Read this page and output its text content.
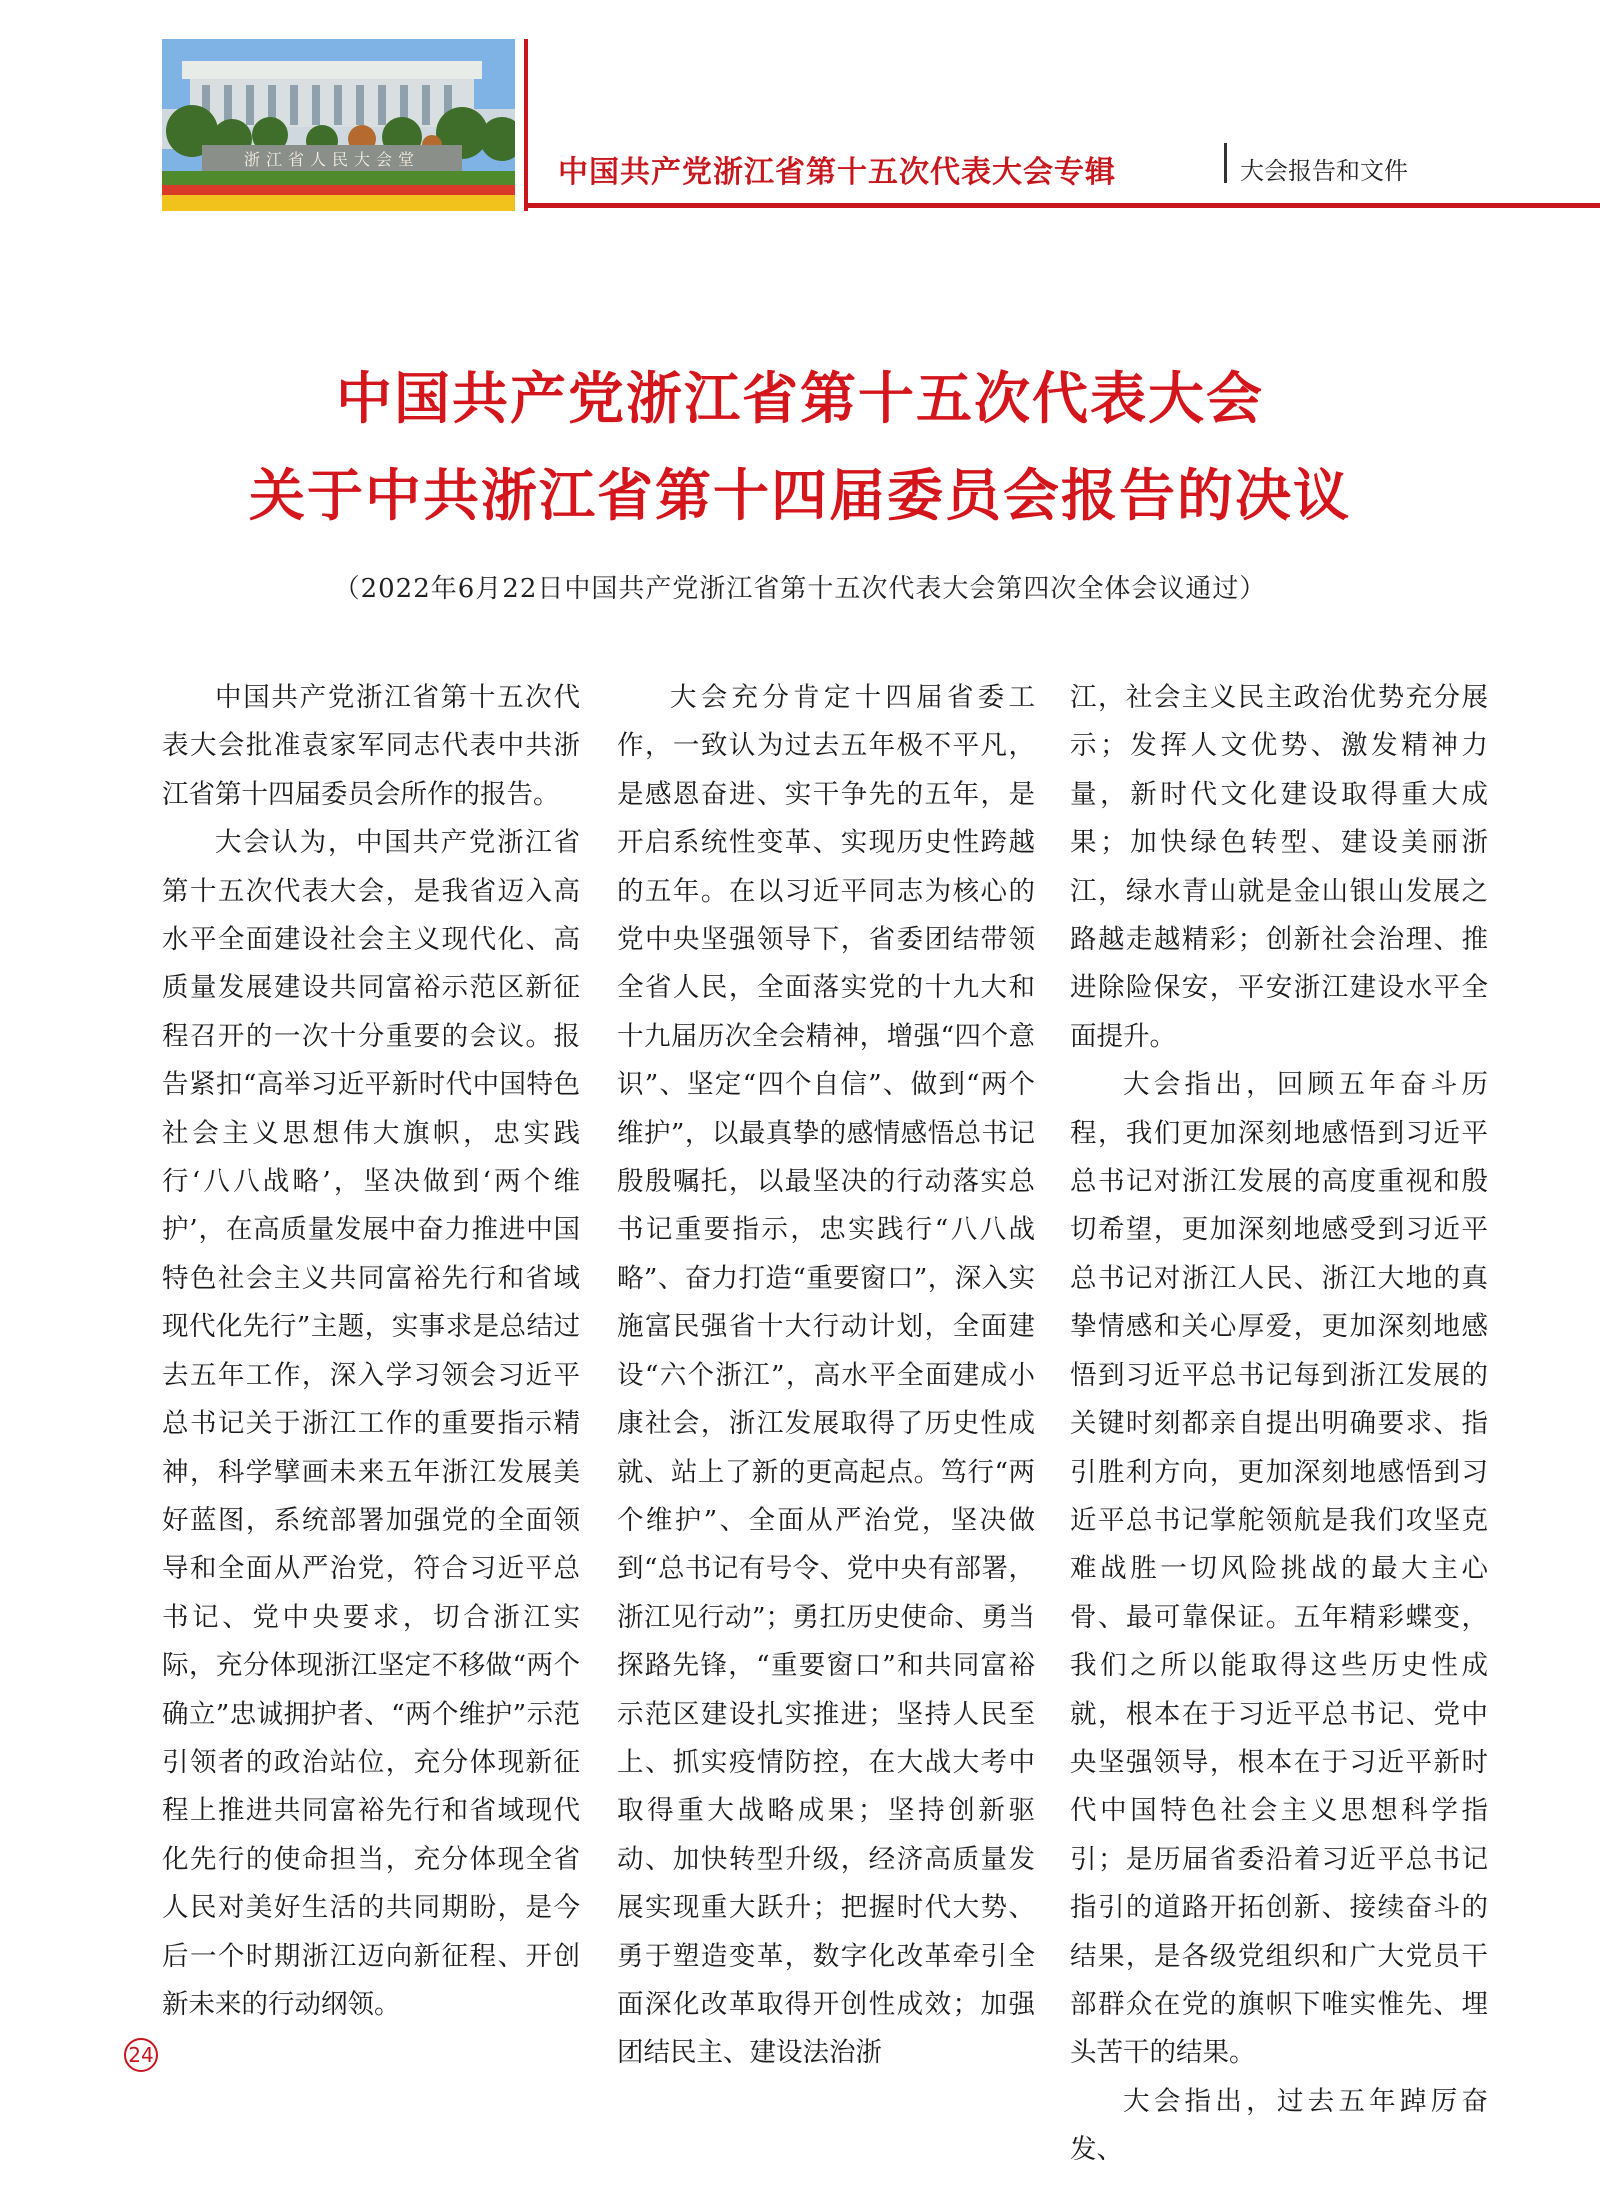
浙江省人民大会堂	中国共产党浙江省第十五次代表大会专辑	大会报告和文件
中国共产党浙江省第十五次代表大会
关于中共浙江省第十四届委员会报告的决议
（2022年6月22日中国共产党浙江省第十五次代表大会第四次全体会议通过）

中国共产党浙江省第十五次代表大会批准袁家军同志代表中共浙江省第十四届委员会所作的报告。

大会认为，中国共产党浙江省第十五次代表大会，是我省迈入高水平全面建设社会主义现代化、高质量发展建设共同富裕示范区新征程召开的一次十分重要的会议。报告紧扣“高举习近平新时代中国特色社会主义思想伟大旗帜，忠实践行‘八八战略’，坚决做到‘两个维护’，在高质量发展中奋力推进中国特色社会主义共同富裕先行和省域现代化先行”主题，实事求是总结过去五年工作，深入学习领会习近平总书记关于浙江工作的重要指示精神，科学擘画未来五年浙江发展美好蓝图，系统部署加强党的全面领导和全面从严治党，符合习近平总书记、党中央要求，切合浙江实际，充分体现浙江坚定不移做“两个确立”忠诚拥护者、“两个维护”示范引领者的政治站位，充分体现新征程上推进共同富裕先行和省域现代化先行的使命担当，充分体现全省人民对美好生活的共同期盼，是今后一个时期浙江迈向新征程、开创新未来的行动纲领。

大会充分肯定十四届省委工作，一致认为过去五年极不平凡，是感恩奋进、实干争先的五年，是开启系统性变革、实现历史性跨越的五年。在以习近平同志为核心的党中央坚强领导下，省委团结带领全省人民，全面落实党的十九大和十九届历次全会精神，增强“四个意识”、坚定“四个自信”、做到“两个维护”，以最真挚的感情感悟总书记殷殷嘱托，以最坚决的行动落实总书记重要指示，忠实践行“八八战略”、奋力打造“重要窗口”，深入实施富民强省十大行动计划，全面建设“六个浙江”，高水平全面建成小康社会，浙江发展取得了历史性成就、站上了新的更高起点。笃行“两个维护”、全面从严治党，坚决做到“总书记有号令、党中央有部署，浙江见行动”；勇扛历史使命、勇当探路先锋，“重要窗口”和共同富裕示范区建设扎实推进；坚持人民至上、抓实疫情防控，在大战大考中取得重大战略成果；坚持创新驱动、加快转型升级，经济高质量发展实现重大跃升；把握时代大势、勇于塑造变革，数字化改革牵引全面深化改革取得开创性成效；加强团结民主、建设法治浙

江，社会主义民主政治优势充分展示；发挥人文优势、激发精神力量，新时代文化建设取得重大成果；加快绿色转型、建设美丽浙江，绿水青山就是金山银山发展之路越走越精彩；创新社会治理、推进除险保安，平安浙江建设水平全面提升。

大会指出，回顾五年奋斗历程，我们更加深刻地感悟到习近平总书记对浙江发展的高度重视和殷切希望，更加深刻地感受到习近平总书记对浙江人民、浙江大地的真挚情感和关心厚爱，更加深刻地感悟到习近平总书记每到浙江发展的关键时刻都亲自提出明确要求、指引胜利方向，更加深刻地感悟到习近平总书记掌舵领航是我们攻坚克难战胜一切风险挑战的最大主心骨、最可靠保证。五年精彩蝶变，我们之所以能取得这些历史性成就，根本在于习近平总书记、党中央坚强领导，根本在于习近平新时代中国特色社会主义思想科学指引；是历届省委沿着习近平总书记指引的道路开拓创新、接续奋斗的结果，是各级党组织和广大党员干部群众在党的旗帜下唯实惟先、埋头苦干的结果。

大会指出，过去五年踔厉奋发、

24
